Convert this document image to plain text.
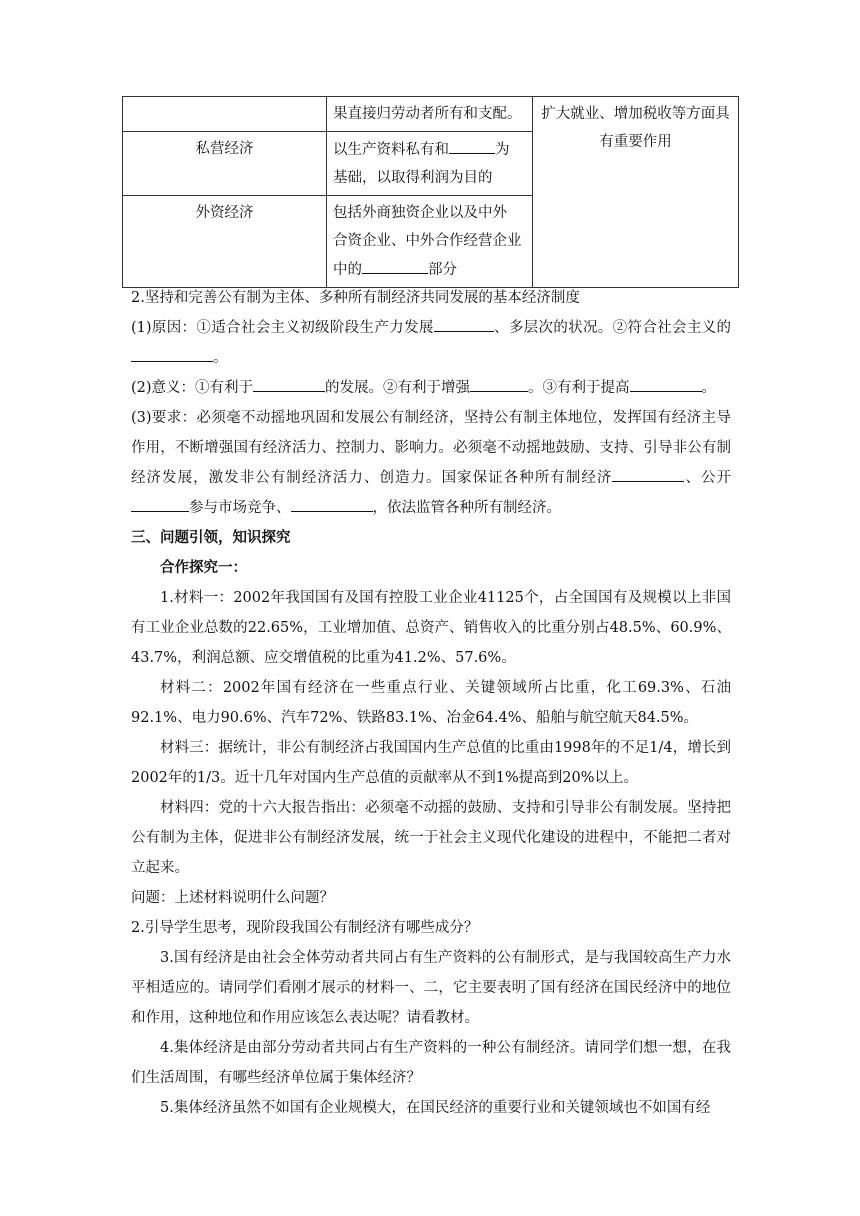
	果直接归劳动者所有和支配。	扩大就业、增加税收等方面具
有重要作用
私营经济	以生产资料私有和 为
基础，以取得利润为目的	
外资经济	包括外商独资企业以及中外
合资企业、中外合作经营企业
中的 部分	

2.坚持和完善公有制为主体、多种所有制经济共同发展的基本经济制度

(1)原因：①适合社会主义初级阶段生产力发展	、多层次的状况。②符合社会主义的。

(2)意义：①有利于	的发展。②有利于增强	。③有利于提高	。

(3)要求：必须毫不动摇地巩固和发展公有制经济，坚持公有制主体地位，发挥国有经济主导作用，不断增强国有经济活力、控制力、影响力。必须毫不动摇地鼓励、支持、引导非公有制经济发展，激发非公有制经济活力、创造力。国家保证各种所有制经济	、公开参与市场竞争、	，依法监管各种所有制经济。

三、问题引领，知识探究

合作探究一：

1.材料一：2002年我国国有及国有控股工业企业41125个，占全国国有及规模以上非国有工业企业总数的22.65%，工业增加值、总资产、销售收入的比重分别占48.5%、60.9%、43.7%，利润总额、应交增值税的比重为41.2%、57.6%。

材料二：2002年国有经济在一些重点行业、关键领域所占比重，化工69.3%、石油92.1%、电力90.6%、汽车72%、铁路83.1%、冶金64.4%、船舶与航空航天84.5%。

材料三：据统计，非公有制经济占我国国内生产总值的比重由1998年的不足1/4，增长到2002年的1/3。近十几年对国内生产总值的贡献率从不到1%提高到20%以上。

材料四：党的十六大报告指出：必须毫不动摇的鼓励、支持和引导非公有制发展。坚持把公有制为主体，促进非公有制经济发展，统一于社会主义现代化建设的进程中，不能把二者对立起来。

问题：上述材料说明什么问题？

2.引导学生思考，现阶段我国公有制经济有哪些成分？

3.国有经济是由社会全体劳动者共同占有生产资料的公有制形式，是与我国较高生产力水平相适应的。请同学们看刚才展示的材料一、二，它主要表明了国有经济在国民经济中的地位和作用，这种地位和作用应该怎么表达呢？请看教材。

4.集体经济是由部分劳动者共同占有生产资料的一种公有制经济。请同学们想一想，在我们生活周围，有哪些经济单位属于集体经济？

5.集体经济虽然不如国有企业规模大，在国民经济的重要行业和关键领域也不如国有经
